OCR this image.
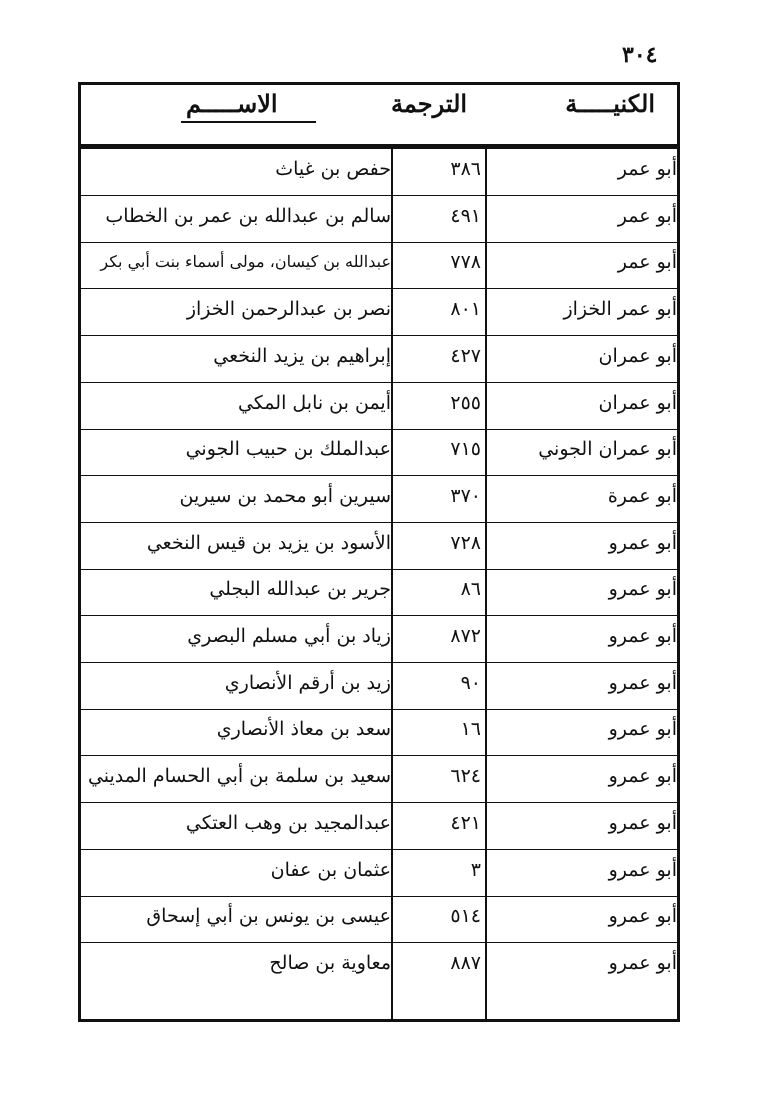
٣٠٤
الكنيـــــة
الترجمة
الاســـــم
أبو عمر
٣٨٦
حفص بن غياث
أبو عمر
٤٩١
سالم بن عبدالله بن عمر بن الخطاب
أبو عمر
٧٧٨
عبدالله بن كيسان، مولى أسماء بنت أبي بكر
أبو عمر الخزاز
٨٠١
نصر بن عبدالرحمن الخزاز
أبو عمران
٤٢٧
إبراهيم بن يزيد النخعي
أبو عمران
٢٥٥
أيمن بن نابل المكي
أبو عمران الجوني
٧١٥
عبدالملك بن حبيب الجوني
أبو عمرة
٣٧٠
سيرين أبو محمد بن سيرين
أبو عمرو
٧٢٨
الأسود بن يزيد بن قيس النخعي
أبو عمرو
٨٦
جرير بن عبدالله البجلي
أبو عمرو
٨٧٢
زياد بن أبي مسلم البصري
أبو عمرو
٩٠
زيد بن أرقم الأنصاري
أبو عمرو
١٦
سعد بن معاذ الأنصاري
أبو عمرو
٦٢٤
سعيد بن سلمة بن أبي الحسام المديني
أبو عمرو
٤٢١
عبدالمجيد بن وهب العتكي
أبو عمرو
٣
عثمان بن عفان
أبو عمرو
٥١٤
عيسى بن يونس بن أبي إسحاق
أبو عمرو
٨٨٧
معاوية بن صالح
